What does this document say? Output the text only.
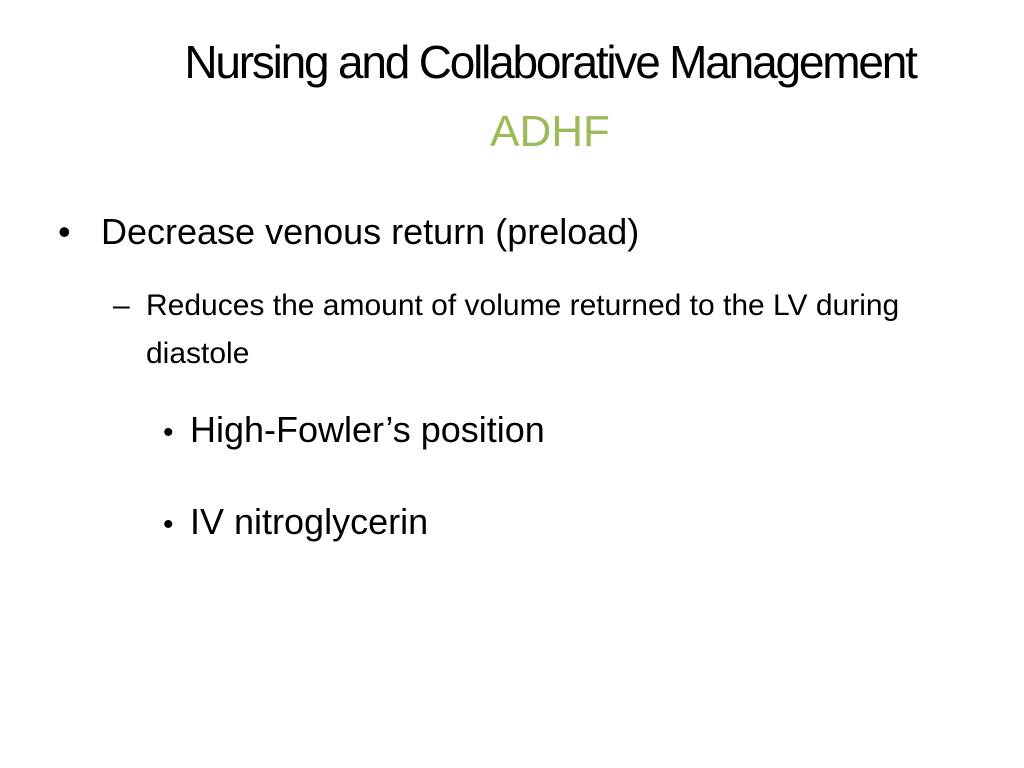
Nursing and Collaborative Management
ADHF
• Decrease venous return (preload)
– Reduces the amount of volume returned to the LV during diastole
• High-Fowler’s position
• IV nitroglycerin
